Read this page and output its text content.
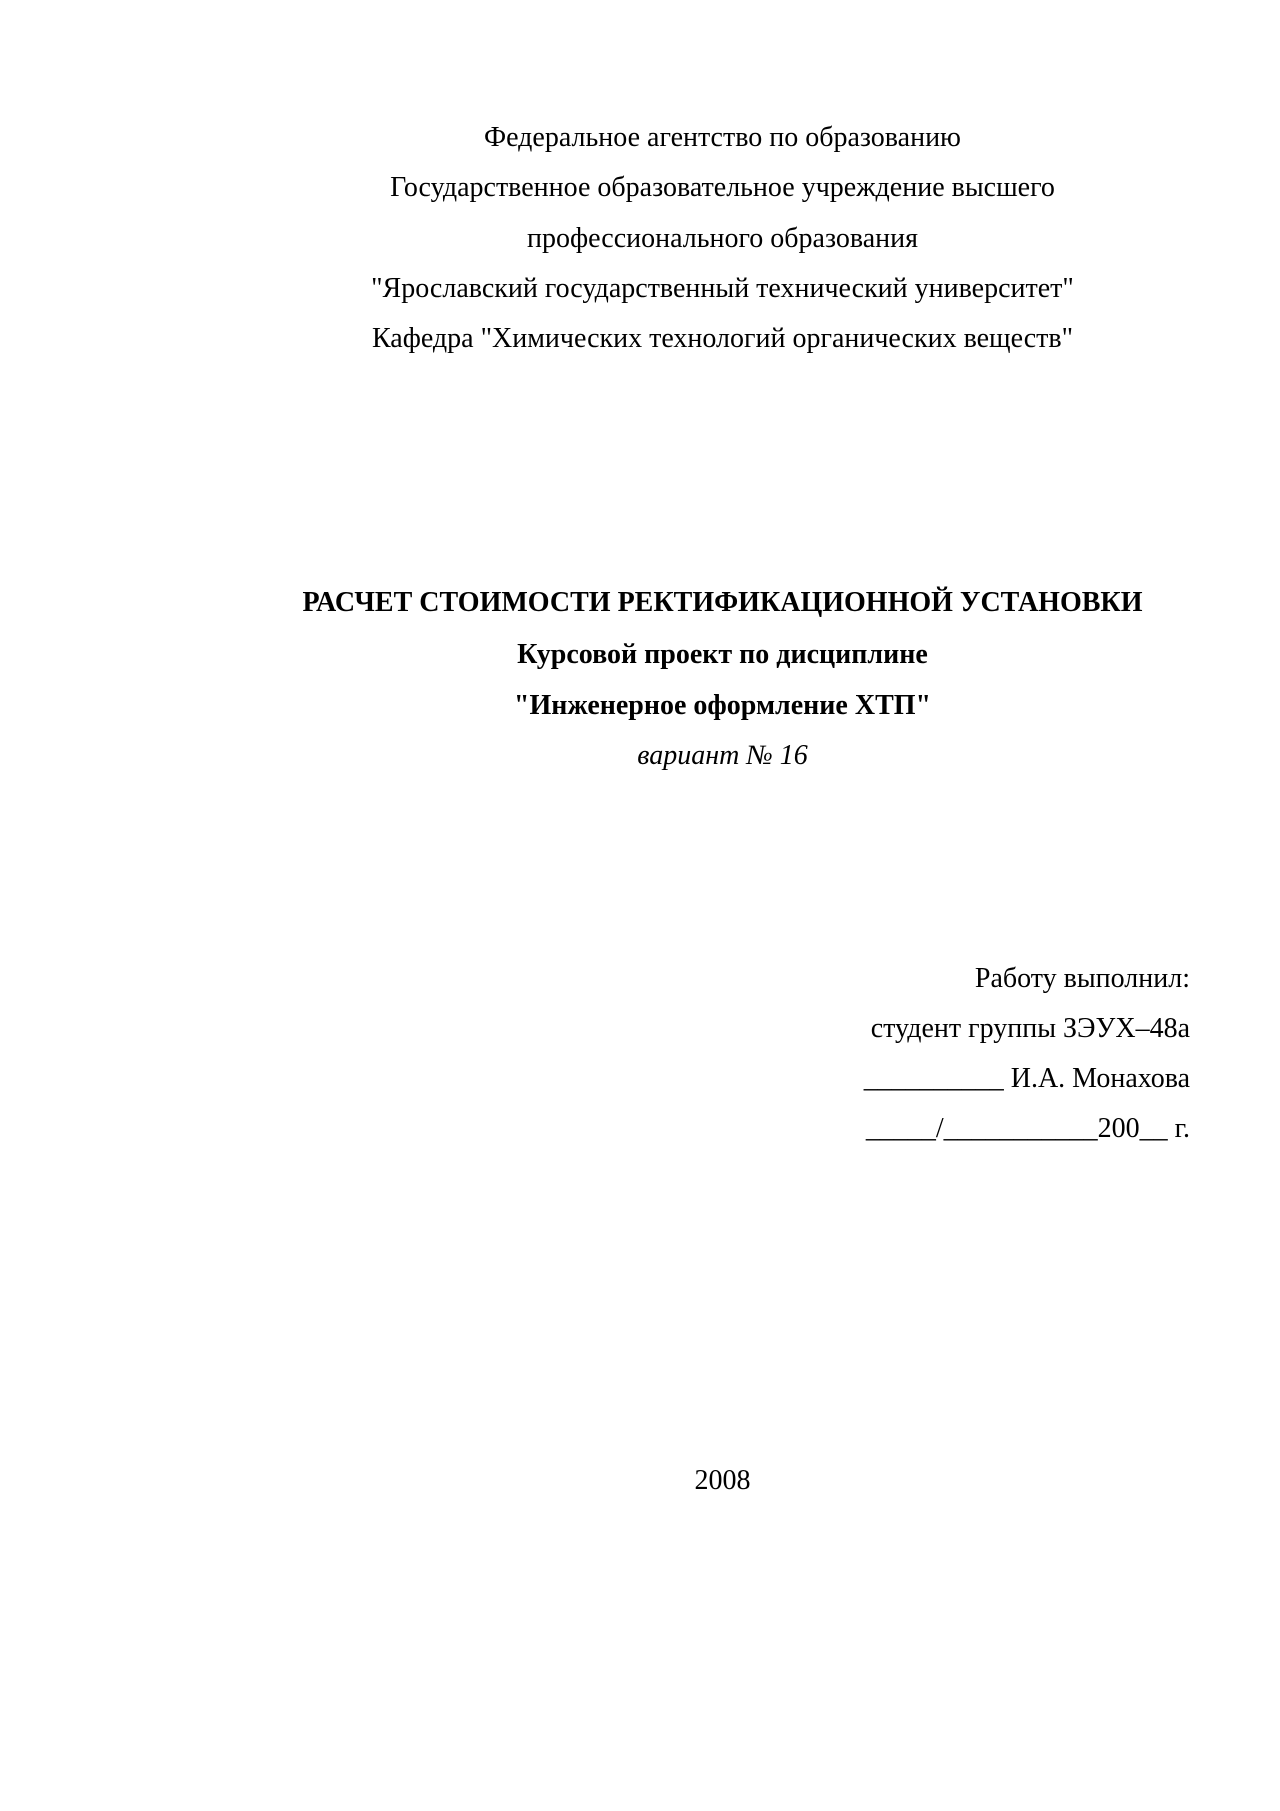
Федеральное агентство по образованию
Государственное образовательное учреждение высшего
профессионального образования
"Ярославский государственный технический университет"
Кафедра "Химических технологий органических веществ"
РАСЧЕТ СТОИМОСТИ РЕКТИФИКАЦИОННОЙ УСТАНОВКИ
Курсовой проект по дисциплине
"Инженерное оформление ХТП"
вариант № 16
Работу выполнил:
студент группы ЗЭУХ–48а
__________ И.А. Монахова
_____/___________200__ г.
2008
